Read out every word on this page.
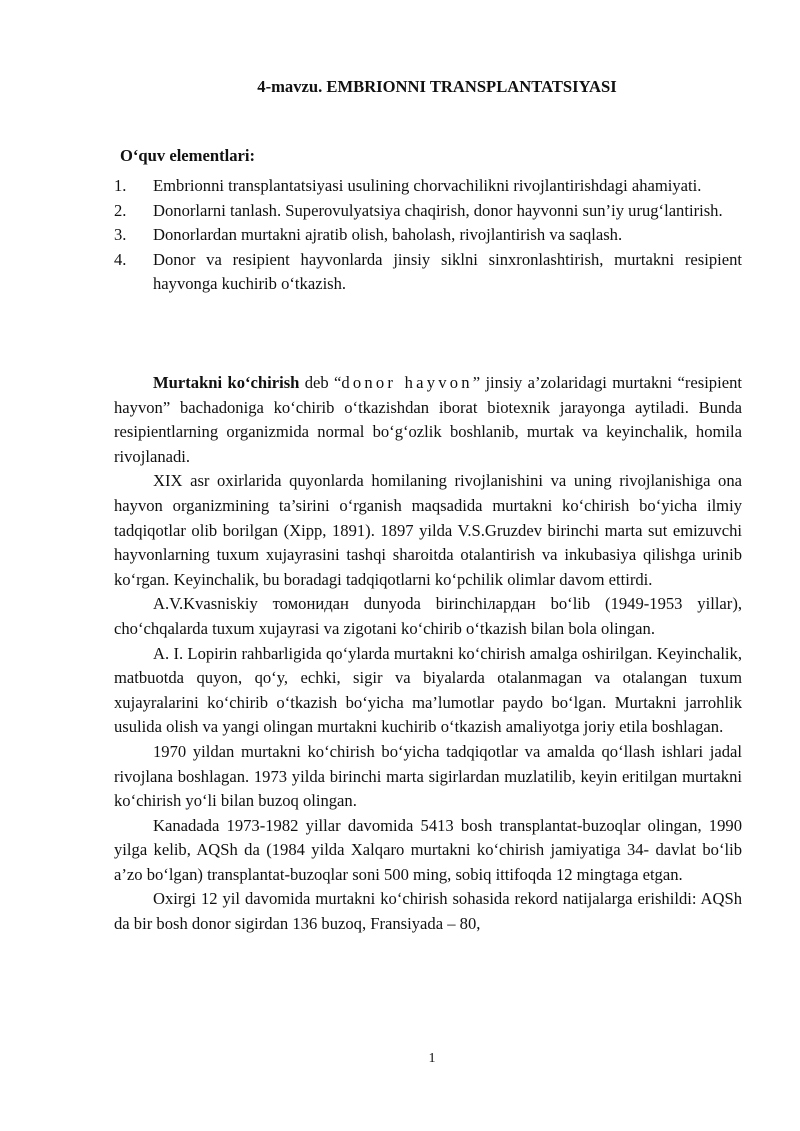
4-mavzu. EMBRIONNI TRANSPLANTATSIYASI
O‘quv elementlari:
1. Embrionni transplantatsiyasi usulining chorvachilikni rivojlantirishdagi ahamiyati.
2. Donorlarni tanlash. Superovulyatsiya chaqirish, donor hayvonni sun’iy urug‘lantirish.
3. Donorlardan murtakni ajratib olish, baholash, rivojlantirish va saqlash.
4. Donor va resipient hayvonlarda jinsiy siklni sinxronlashtirish, murtakni resipient hayvonga kuchirib o‘tkazish.

Murtakni ko‘chirish deb “donor hayvon” jinsiy a’zolaridagi murtakni “resipient hayvon” bachadoniga ko‘chirib o‘tkazishdan iborat biotexnik jarayonga aytiladi. Bunda resipientlarning organizmida normal bo‘g‘ozlik boshlanib, murtak va keyinchalik, homila rivojlanadi.

XIX asr oxirlarida quyonlarda homilaning rivojlanishini va uning rivojlanishiga ona hayvon organizmining ta’sirini o‘rganish maqsadida murtakni ko‘chirish bo‘yicha ilmiy tadqiqotlar olib borilgan (Xipp, 1891). 1897 yilda V.S.Gruzdev birinchi marta sut emizuvchi hayvonlarning tuxum xujayrasini tashqi sharoitda otalantirish va inkubasiya qilishga urinib ko‘rgan. Keyinchalik, bu boradagi tadqiqotlarni ko‘pchilik olimlar davom ettirdi.

A.V.Kvasniskiy томонидан dunyoda birinchiлардан bo‘lib (1949-1953 yillar), cho‘chqalarda tuxum xujayrasi va zigotani ko‘chirib o‘tkazish bilan bola olingan.

A. I. Lopirin rahbarligida qo‘ylarda murtakni ko‘chirish amalga oshirilgan. Keyinchalik, matbuotda quyon, qo‘y, echki, sigir va biyalarda otalanmagan va otalangan tuxum xujayralarini ko‘chirib o‘tkazish bo‘yicha ma’lumotlar paydo bo‘lgan. Murtakni jarrohlik usulida olish va yangi olingan murtakni kuchirib o‘tkazish amaliyotga joriy etila boshlagan.

1970 yildan murtakni ko‘chirish bo‘yicha tadqiqotlar va amalda qo‘llash ishlari jadal rivojlana boshlagan. 1973 yilda birinchi marta sigirlardan muzlatilib, keyin eritilgan murtakni ko‘chirish yo‘li bilan buzoq olingan.

Kanadada 1973-1982 yillar davomida 5413 bosh transplantat-buzoqlar olingan, 1990 yilga kelib, AQSh da (1984 yilda Xalqaro murtakni ko‘chirish jamiyatiga 34- davlat bo‘lib a’zo bo‘lgan) transplantat-buzoqlar soni 500 ming, sobiq ittifoqda 12 mingtaga etgan.

Oxirgi 12 yil davomida murtakni ko‘chirish sohasida rekord natijalarga erishildi: AQSh da bir bosh donor sigirdan 136 buzoq, Fransiyada – 80,

1
